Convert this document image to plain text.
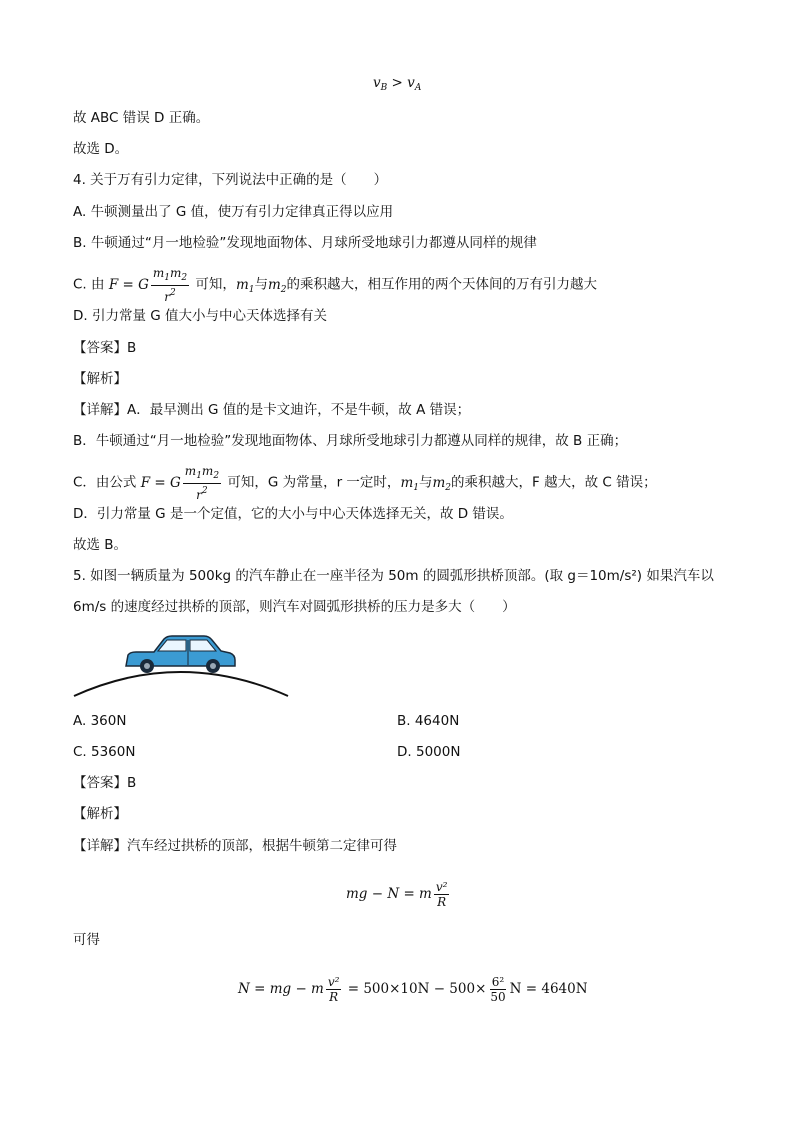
$v_B > v_A$
故 ABC 错误 D 正确。
故选 D。
4. 关于万有引力定律，下列说法中正确的是（　　）
A. 牛顿测量出了 G 值，使万有引力定律真正得以应用
B. 牛顿通过“月一地检验”发现地面物体、月球所受地球引力都遵从同样的规律
C. 由 F = G $\frac{m_1m_2}{r^2}$ 可知，$m_1$与$m_2$的乘积越大，相互作用的两个天体间的万有引力越大
D. 引力常量 G 值大小与中心天体选择有关
【答案】B
【解析】
【详解】A．最早测出 G 值的是卡文迪许，不是牛顿，故 A 错误；
B．牛顿通过“月一地检验”发现地面物体、月球所受地球引力都遵从同样的规律，故 B 正确；
C．由公式 F = G $\frac{m_1m_2}{r^2}$ 可知，G 为常量，r 一定时，$m_1$与$m_2$的乘积越大，F 越大，故 C 错误；
D．引力常量 G 是一个定值，它的大小与中心天体选择无关，故 D 错误。
故选 B。
5. 如图一辆质量为 500kg 的汽车静止在一座半径为 50m 的圆弧形拱桥顶部。(取 g＝10m/s²) 如果汽车以
6m/s 的速度经过拱桥的顶部，则汽车对圆弧形拱桥的压力是多大（　　）
A. 360N	B. 4640N
C. 5360N	D. 5000N
【答案】B
【解析】
【详解】汽车经过拱桥的顶部，根据牛顿第二定律可得
mg − N = m $\frac{\text{v²}}{R}$
可得
N = mg − m $\frac{\text{v²}}{R} = 500\times 10N - 500\times \frac{\text{6²}}{50}$ N = 4640N
